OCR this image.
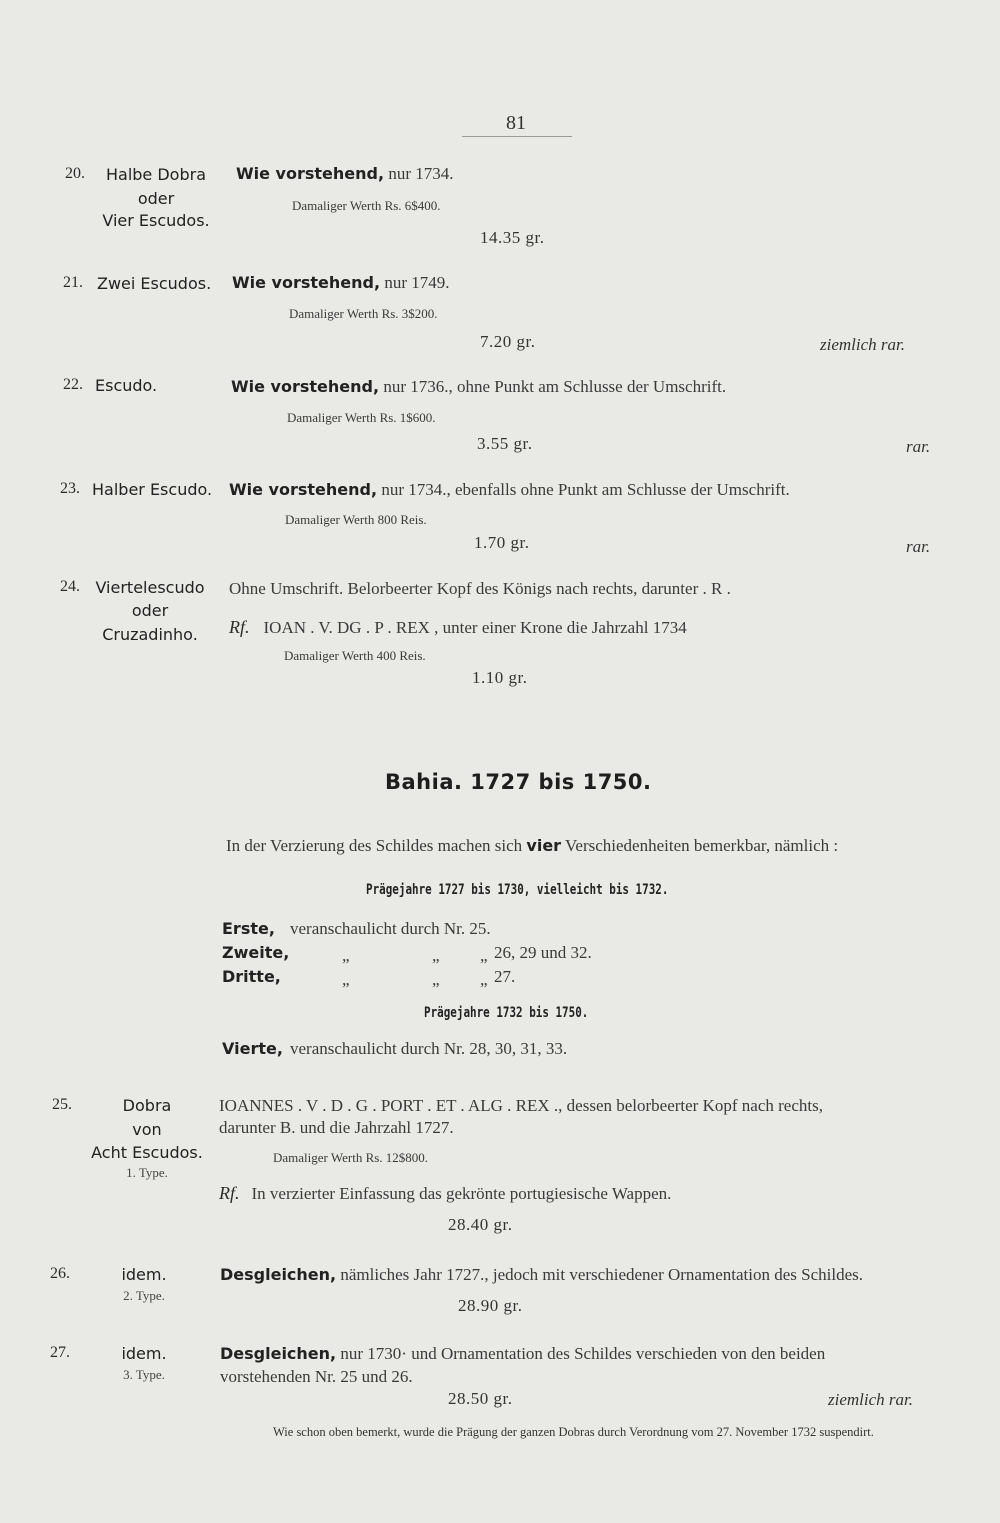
81
20.	Halbe Dobra
oder
Vier Escudos.
Wie vorstehend, nur 1734.
Damaliger Werth Rs. 6$400.
14.35 gr.
21. Zwei Escudos. Wie vorstehend, nur 1749.
Damaliger Werth Rs. 3$200.
7.20 gr.	ziemlich rar.
22. Escudo.	Wie vorstehend, nur 1736., ohne Punkt am Schlusse der Umschrift.
Damaliger Werth Rs. 1$600.
3.55 gr.	rar.
23. Halber Escudo. Wie vorstehend, nur 1734., ebenfalls ohne Punkt am Schlusse der Umschrift.
Damaliger Werth 800 Reis.
1.70 gr.	rar.
24. Viertelescudo
oder
Cruzadinho.
Ohne Umschrift. Belorbeerter Kopf des Königs nach rechts, darunter . R .
Rf. IOAN . V. DG . P . REX , unter einer Krone die Jahrzahl 1734
Damaliger Werth 400 Reis.
1.10 gr.
Bahia. 1727 bis 1750.
In der Verzierung des Schildes machen sich vier Verschiedenheiten bemerkbar, nämlich :
Prägejahre 1727 bis 1730, vielleicht bis 1732.
Erste, veranschaulicht durch Nr. 25.
Zweite,	„	„ „ 26, 29 und 32.
Dritte,	„	„ „ 27.
Prägejahre 1732 bis 1750.
Vierte, veranschaulicht durch Nr. 28, 30, 31, 33.
25.	Dobra
von
Acht Escudos.
1. Type.
IOANNES . V . D . G . PORT . ET . ALG . REX ., dessen belorbeerter Kopf nach rechts,
darunter B. und die Jahrzahl 1727.
Damaliger Werth Rs. 12$800.
Rf. In verzierter Einfassung das gekrönte portugiesische Wappen.
28.40 gr.
26.	idem.
2. Type.
Desgleichen, nämliches Jahr 1727., jedoch mit verschiedener Ornamentation des Schildes.
28.90 gr.
27.	idem.
3. Type.
Desgleichen, nur 1730· und Ornamentation des Schildes verschieden von den beiden
vorstehenden Nr. 25 und 26.
28.50 gr.	ziemlich rar.
Wie schon oben bemerkt, wurde die Prägung der ganzen Dobras durch Verordnung vom 27. November 1732 suspendirt.
